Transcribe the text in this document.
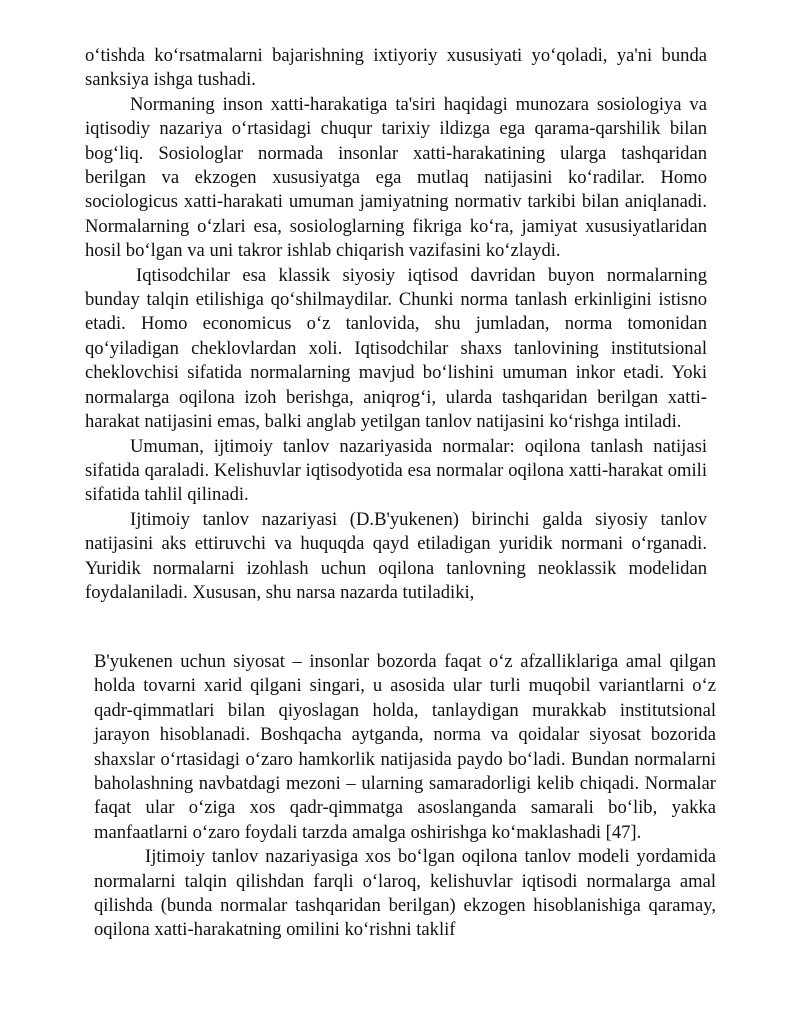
o‘tishda ko‘rsatmalarni bajarishning ixtiyoriy xususiyati yo‘qoladi, ya'ni bunda sanksiya ishga tushadi.

Normaning inson xatti-harakatiga ta'siri haqidagi munozara sosiologiya va iqtisodiy nazariya o‘rtasidagi chuqur tarixiy ildizga ega qarama-qarshilik bilan bog‘liq. Sosiologlar normada insonlar xatti-harakatining ularga tashqaridan berilgan va ekzogen xususiyatga ega mutlaq natijasini ko‘radilar. Homo sociologicus xatti-harakati umuman jamiyatning normativ tarkibi bilan aniqlanadi. Normalarning o‘zlari esa, sosiologlarning fikriga ko‘ra, jamiyat xususiyatlaridan hosil bo‘lgan va uni takror ishlab chiqarish vazifasini ko‘zlaydi.

Iqtisodchilar esa klassik siyosiy iqtisod davridan buyon normalarning bunday talqin etilishiga qo‘shilmaydilar. Chunki norma tanlash erkinligini istisno etadi. Homo economicus o‘z tanlovida, shu jumladan, norma tomonidan qo‘yiladigan cheklovlardan xoli. Iqtisodchilar shaxs tanlovining institutsional cheklovchisi sifatida normalarning mavjud bo‘lishini umuman inkor etadi. Yoki normalarga oqilona izoh berishga, aniqrog‘i, ularda tashqaridan berilgan xatti-harakat natijasini emas, balki anglab yetilgan tanlov natijasini ko‘rishga intiladi.

Umuman, ijtimoiy tanlov nazariyasida normalar: oqilona tanlash natijasi sifatida qaraladi. Kelishuvlar iqtisodyotida esa normalar oqilona xatti-harakat omili sifatida tahlil qilinadi.

Ijtimoiy tanlov nazariyasi (D.B'yukenen) birinchi galda siyosiy tanlov natijasini aks ettiruvchi va huquqda qayd etiladigan yuridik normani o‘rganadi. Yuridik normalarni izohlash uchun oqilona tanlovning neoklassik modelidan foydalaniladi. Xususan, shu narsa nazarda tutiladiki,

B'yukenen uchun siyosat – insonlar bozorda faqat o‘z afzalliklariga amal qilgan holda tovarni xarid qilgani singari, u asosida ular turli muqobil variantlarni o‘z qadr-qimmatlari bilan qiyoslagan holda, tanlaydigan murakkab institutsional jarayon hisoblanadi. Boshqacha aytganda, norma va qoidalar siyosat bozorida shaxslar o‘rtasidagi o‘zaro hamkorlik natijasida paydo bo‘ladi. Bundan normalarni baholashning navbatdagi mezoni – ularning samaradorligi kelib chiqadi. Normalar faqat ular o‘ziga xos qadr-qimmatga asoslanganda samarali bo‘lib, yakka manfaatlarni o‘zaro foydali tarzda amalga oshirishga ko‘maklashadi [47].

Ijtimoiy tanlov nazariyasiga xos bo‘lgan oqilona tanlov modeli yordamida normalarni talqin qilishdan farqli o‘laroq, kelishuvlar iqtisodi normalarga amal qilishda (bunda normalar tashqaridan berilgan) ekzogen hisoblanishiga qaramay, oqilona xatti-harakatning omilini ko‘rishni taklif
